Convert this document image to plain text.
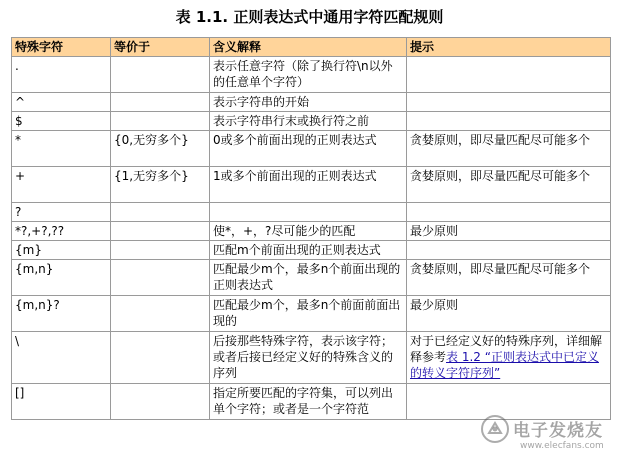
表 1.1. 正则表达式中通用字符匹配规则
特殊字符	等价于	含义解释	提示
.		表示任意字符（除了换行符\n以外的任意单个字符）	
^		表示字符串的开始	
$		表示字符串行末或换行符之前	
*	{0,无穷多个}	0或多个前面出现的正则表达式	贪婪原则，即尽量匹配尽可能多个
+	{1,无穷多个}	1或多个前面出现的正则表达式	贪婪原则，即尽量匹配尽可能多个
?			
*?,+?,??		使*，+，?尽可能少的匹配	最少原则
{m}		匹配m个前面出现的正则表达式	
{m,n}		匹配最少m个，最多n个前面出现的正则表达式	贪婪原则，即尽量匹配尽可能多个
{m,n}?		匹配最少m个，最多n个前面前面出现的	最少原则
\		后接那些特殊字符，表示该字符；或者后接已经定义好的特殊含义的序列	对于已经定义好的特殊序列，详细解释参考表 1.2 “正则表达式中已定义的转义字符序列”
[]		指定所要匹配的字符集，可以列出单个字符；或者是一个字符范	
电子发烧友
www.elecfans.com
